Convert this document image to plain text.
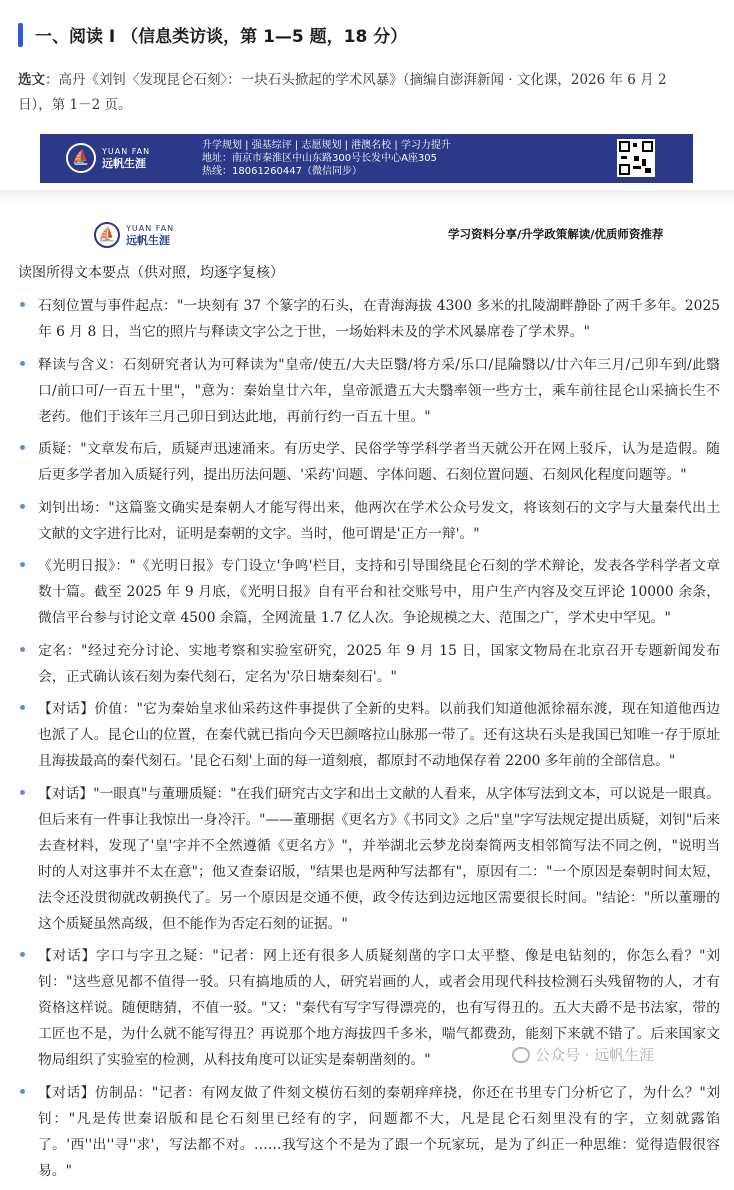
一、阅读 I （信息类访谈，第 1—5 题，18 分）
选文：高丹《刘钊〈发现昆仑石刻〉：一块石头掀起的学术风暴》（摘编自澎湃新闻 · 文化课，2026 年 6 月 2 日），第 1－2 页。
⛵	YUAN FAN
远帆生涯
升学规划 | 强基综评 | 志愿规划 | 港澳名校 | 学习力提升
地址：南京市秦淮区中山东路300号长发中心A座305
热线：18061260447（微信同步）
⛵	YUAN FAN
远帆生涯	学习资料分享/升学政策解读/优质师资推荐
读图所得文本要点（供对照，均逐字复核）
石刻位置与事件起点："一块刻有 37 个篆字的石头，在青海海拔 4300 多米的扎陵湖畔静卧了两千多年。2025 年 6 月 8 日，当它的照片与释读文字公之于世，一场始料未及的学术风暴席卷了学术界。"
释读与含义：石刻研究者认为可释读为"皇帝/使五/大夫臣翳/将方采/乐口/昆陯翳以/廿六年三月/己卯车到/此翳口/前口可/一百五十里"，"意为：秦始皇廿六年，皇帝派遣五大夫翳率领一些方士，乘车前往昆仑山采摘长生不老药。他们于该年三月己卯日到达此地，再前行约一百五十里。"
质疑："文章发布后，质疑声迅速涌来。有历史学、民俗学等学科学者当天就公开在网上驳斥，认为是造假。随后更多学者加入质疑行列，提出历法问题、'采药'问题、字体问题、石刻位置问题、石刻风化程度问题等。"
刘钊出场："这篇鉴文确实是秦朝人才能写得出来，他两次在学术公众号发文，将该刻石的文字与大量秦代出土文献的文字进行比对，证明是秦朝的文字。当时，他可谓是'正方一辩'。"
《光明日报》："《光明日报》专门设立'争鸣'栏目，支持和引导围绕昆仑石刻的学术辩论，发表各学科学者文章数十篇。截至 2025 年 9 月底，《光明日报》自有平台和社交账号中，用户生产内容及交互评论 10000 余条，微信平台参与讨论文章 4500 余篇，全网流量 1.7 亿人次。争论规模之大、范围之广，学术史中罕见。"
定名："经过充分讨论、实地考察和实验室研究，2025 年 9 月 15 日，国家文物局在北京召开专题新闻发布会，正式确认该石刻为秦代刻石，定名为'尕日塘秦刻石'。"
【对话】价值："它为秦始皇求仙采药这件事提供了全新的史料。以前我们知道他派徐福东渡，现在知道他西边也派了人。昆仑山的位置，在秦代就已指向今天巴颜喀拉山脉那一带了。还有这块石头是我国已知唯一存于原址且海拔最高的秦代刻石。'昆仑石刻'上面的每一道刻痕，都原封不动地保存着 2200 多年前的全部信息。"
【对话】"一眼真"与董珊质疑："在我们研究古文字和出土文献的人看来，从字体写法到文本，可以说是一眼真。但后来有一件事让我惊出一身冷汗。"——董珊据《更名方》《书同文》之后"皇"字写法规定提出质疑，刘钊"后来去查材料，发现了'皇'字并不全然遵循《更名方》"，并举湖北云梦龙岗秦简两支相邻简写法不同之例，"说明当时的人对这事并不太在意"；他又查秦诏版，"结果也是两种写法都有"，原因有二："一个原因是秦朝时间太短，法令还没贯彻就改朝换代了。另一个原因是交通不便，政令传达到边远地区需要很长时间。"结论："所以董珊的这个质疑虽然高级，但不能作为否定石刻的证据。"
【对话】字口与字丑之疑："记者：网上还有很多人质疑刻凿的字口太平整、像是电钻刻的，你怎么看？"刘钊："这些意见都不值得一驳。只有搞地质的人，研究岩画的人，或者会用现代科技检测石头残留物的人，才有资格这样说。随便瞎猜，不值一驳。"又："秦代有写字写得漂亮的，也有写得丑的。五大夫爵不是书法家，带的工匠也不是，为什么就不能写得丑？再说那个地方海拔四千多米，喘气都费劲，能刻下来就不错了。后来国家文物局组织了实验室的检测，从科技角度可以证实是秦朝凿刻的。"
【对话】仿制品："记者：有网友做了件刻文模仿石刻的秦朝痒痒挠，你还在书里专门分析它了，为什么？"刘钊："凡是传世秦诏版和昆仑石刻里已经有的字，问题都不大，凡是昆仑石刻里没有的字，立刻就露馅了。'西''出''寻''求'，写法都不对。……我写这个不是为了跟一个玩家玩，是为了纠正一种思维：觉得造假很容易。"
公众号 · 远帆生涯
